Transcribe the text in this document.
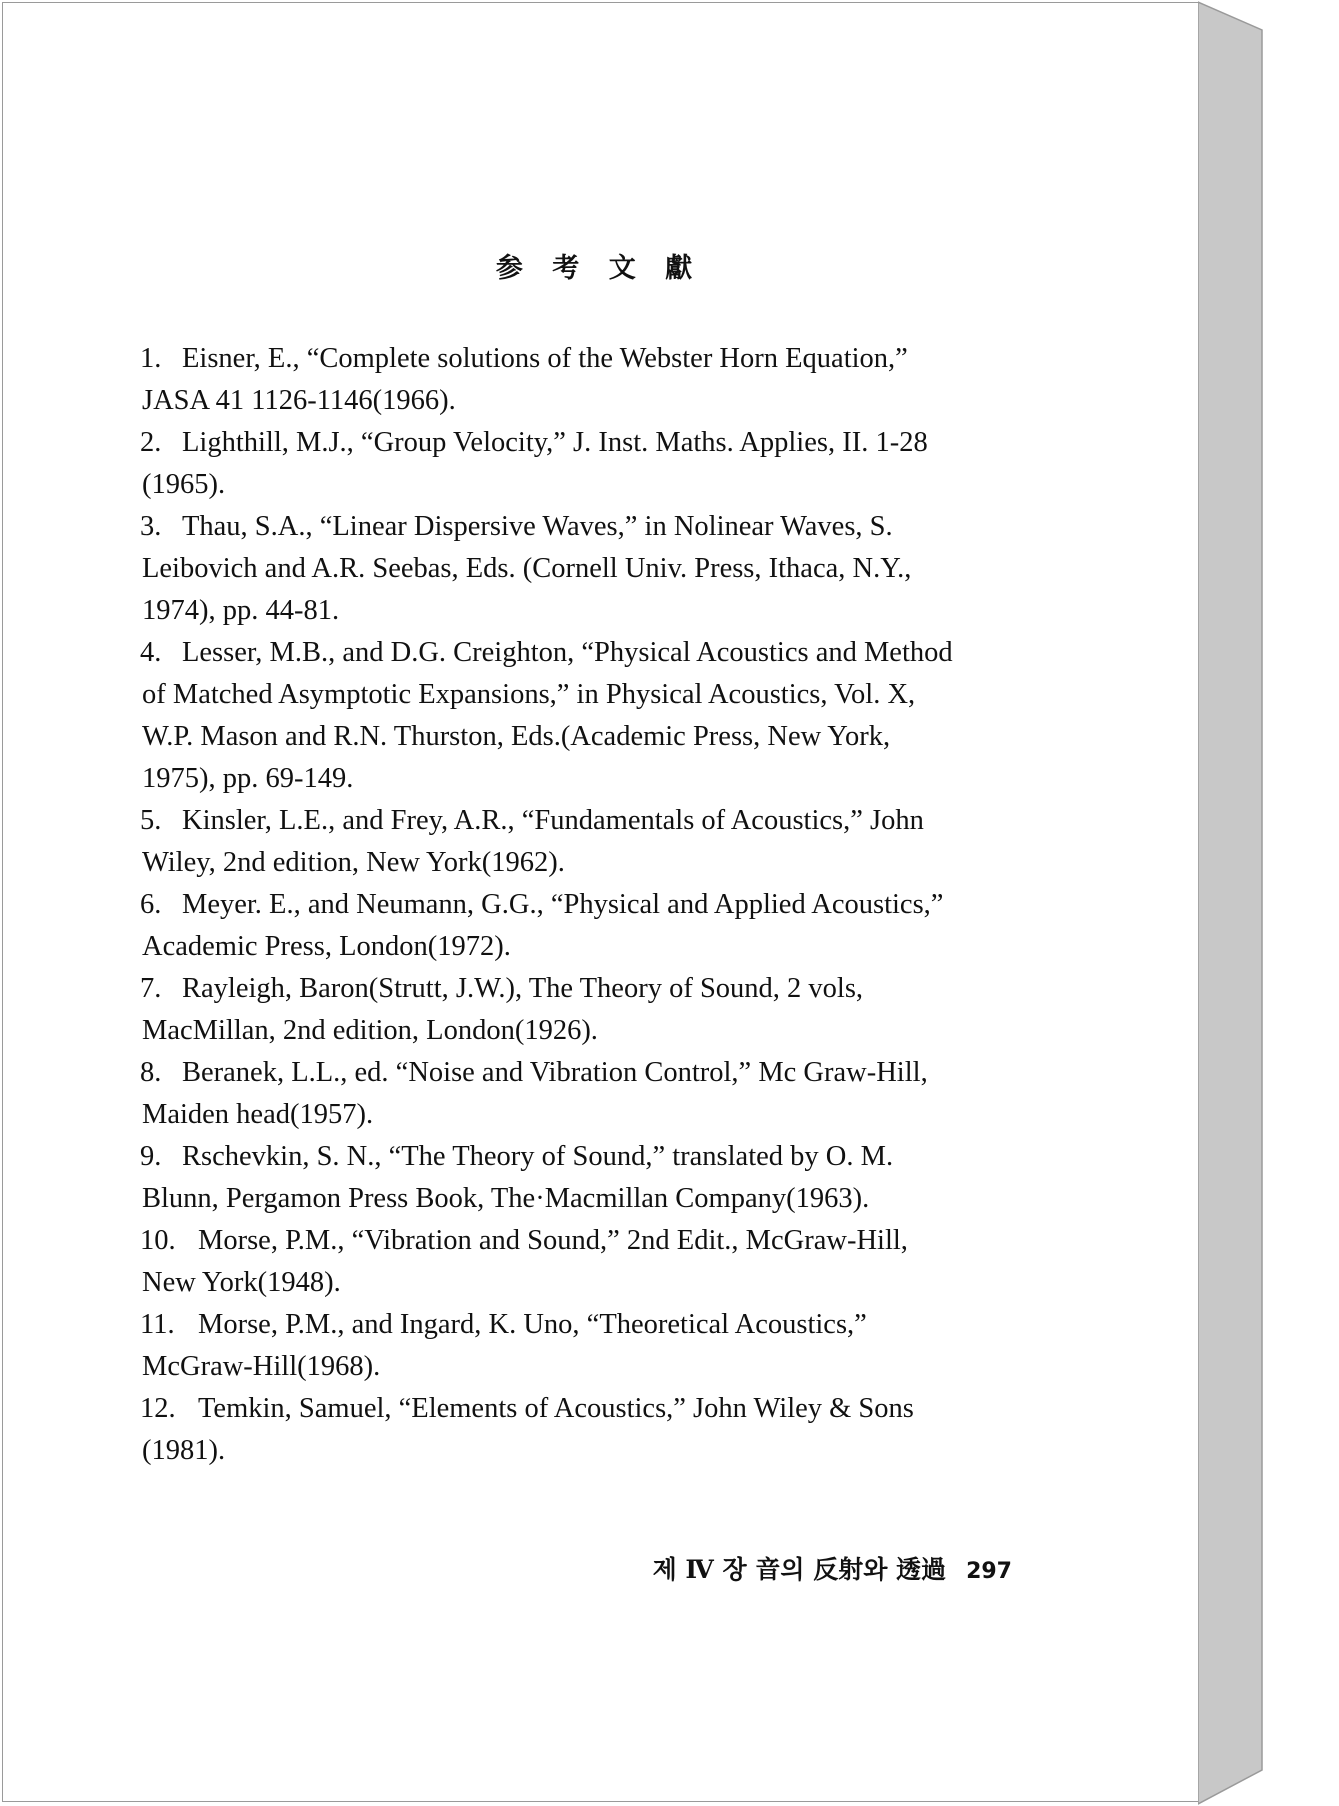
参 考 文 獻
1. Eisner, E., “Complete solutions of the Webster Horn Equation,”
JASA 41 1126-1146(1966).
2. Lighthill, M.J., “Group Velocity,” J. Inst. Maths. Applies, II. 1-28
(1965).
3. Thau, S.A., “Linear Dispersive Waves,” in Nolinear Waves, S.
Leibovich and A.R. Seebas, Eds. (Cornell Univ. Press, Ithaca, N.Y.,
1974), pp. 44-81.
4. Lesser, M.B., and D.G. Creighton, “Physical Acoustics and Method
of Matched Asymptotic Expansions,” in Physical Acoustics, Vol. X,
W.P. Mason and R.N. Thurston, Eds.(Academic Press, New York,
1975), pp. 69-149.
5. Kinsler, L.E., and Frey, A.R., “Fundamentals of Acoustics,” John
Wiley, 2nd edition, New York(1962).
6. Meyer. E., and Neumann, G.G., “Physical and Applied Acoustics,”
Academic Press, London(1972).
7. Rayleigh, Baron(Strutt, J.W.), The Theory of Sound, 2 vols,
MacMillan, 2nd edition, London(1926).
8. Beranek, L.L., ed. “Noise and Vibration Control,” Mc Graw-Hill,
Maiden head(1957).
9. Rschevkin, S. N., “The Theory of Sound,” translated by O. M.
Blunn, Pergamon Press Book, The·Macmillan Company(1963).
10. Morse, P.M., “Vibration and Sound,” 2nd Edit., McGraw-Hill,
New York(1948).
11. Morse, P.M., and Ingard, K. Uno, “Theoretical Acoustics,”
McGraw-Hill(1968).
12. Temkin, Samuel, “Elements of Acoustics,” John Wiley & Sons
(1981).
제 Ⅳ 장 音의 反射와 透過 297
